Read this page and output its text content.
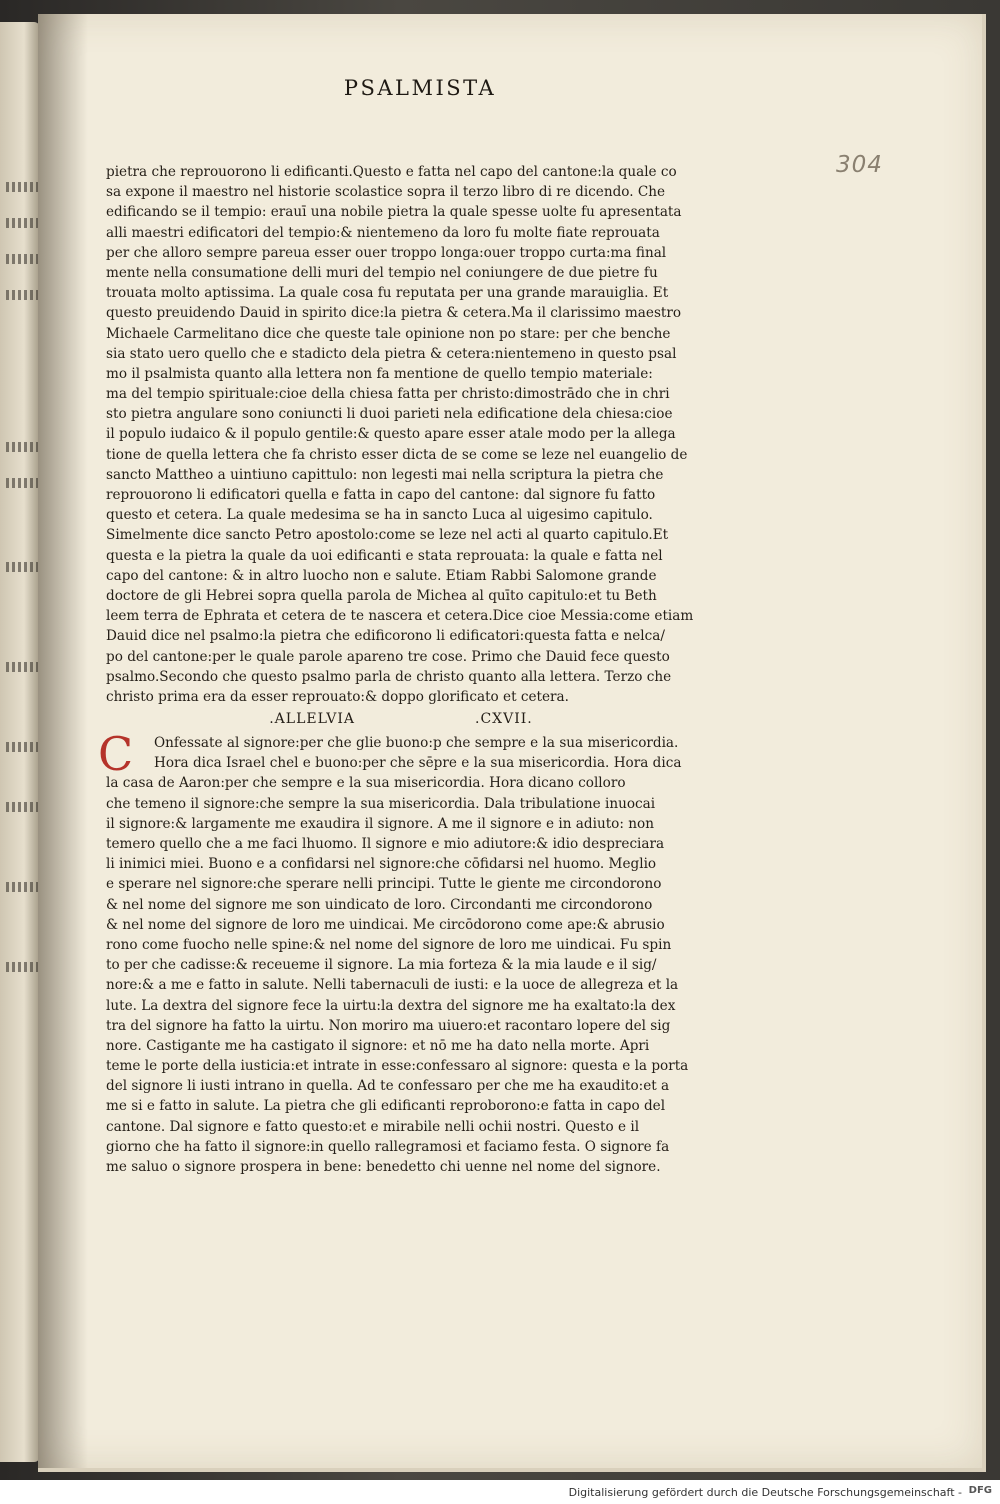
PSALMISTA
304
pietra che reprouorono li edificanti.Questo e fatta nel capo del cantone:la quale co
sa expone il maestro nel historie scolastice sopra il terzo libro di re dicendo. Che
edificando se il tempio: erauī una nobile pietra la quale spesse uolte fu apresentata
alli maestri edificatori del tempio:& nientemeno da loro fu molte fiate reprouata
per che alloro sempre pareua esser ouer troppo longa:ouer troppo curta:ma final
mente nella consumatione delli muri del tempio nel coniungere de due pietre fu
trouata molto aptissima. La quale cosa fu reputata per una grande marauiglia. Et
questo preuidendo Dauid in spirito dice:la pietra & cetera.Ma il clarissimo maestro
Michaele Carmelitano dice che queste tale opinione non po stare: per che benche
sia stato uero quello che e stadicto dela pietra & cetera:nientemeno in questo psal
mo il psalmista quanto alla lettera non fa mentione de quello tempio materiale:
ma del tempio spirituale:cioe della chiesa fatta per christo:dimostrādo che in chri
sto pietra angulare sono coniuncti li duoi parieti nela edificatione dela chiesa:cioe
il populo iudaico & il populo gentile:& questo apare esser atale modo per la allega
tione de quella lettera che fa christo esser dicta de se come se leze nel euangelio de
sancto Mattheo a uintiuno capittulo: non legesti mai nella scriptura la pietra che
reprouorono li edificatori quella e fatta in capo del cantone: dal signore fu fatto
questo et cetera. La quale medesima se ha in sancto Luca al uigesimo capitulo.
Simelmente dice sancto Petro apostolo:come se leze nel acti al quarto capitulo.Et
questa e la pietra la quale da uoi edificanti e stata reprouata: la quale e fatta nel
capo del cantone: & in altro luocho non e salute. Etiam Rabbi Salomone grande
doctore de gli Hebrei sopra quella parola de Michea al quīto capitulo:et tu Beth
leem terra de Ephrata et cetera de te nascera et cetera.Dice cioe Messia:come etiam
Dauid dice nel psalmo:la pietra che edificorono li edificatori:questa fatta e nelca/
po del cantone:per le quale parole apareno tre cose. Primo che Dauid fece questo
psalmo.Secondo che questo psalmo parla de christo quanto alla lettera. Terzo che
christo prima era da esser reprouato:& doppo glorificato et cetera.
.ALLELVIA	.CXVII.
C	Onfessate al signore:per che glie buono:p che sempre e la sua misericordia.
Hora dica Israel chel e buono:per che sēpre e la sua misericordia. Hora dica
la casa de Aaron:per che sempre e la sua misericordia. Hora dicano colloro
che temeno il signore:che sempre la sua misericordia. Dala tribulatione inuocai
il signore:& largamente me exaudira il signore. A me il signore e in adiuto: non
temero quello che a me faci lhuomo. Il signore e mio adiutore:& idio despreciara
li inimici miei. Buono e a confidarsi nel signore:che cōfidarsi nel huomo. Meglio
e sperare nel signore:che sperare nelli principi. Tutte le giente me circondorono
& nel nome del signore me son uindicato de loro. Circondanti me circondorono
& nel nome del signore de loro me uindicai. Me circōdorono come ape:& abrusio
rono come fuocho nelle spine:& nel nome del signore de loro me uindicai. Fu spin
to per che cadisse:& receueme il signore. La mia forteza & la mia laude e il sig/
nore:& a me e fatto in salute. Nelli tabernaculi de iusti: e la uoce de allegreza et la
lute. La dextra del signore fece la uirtu:la dextra del signore me ha exaltato:la dex
tra del signore ha fatto la uirtu. Non moriro ma uiuero:et racontaro lopere del sig
nore. Castigante me ha castigato il signore: et nō me ha dato nella morte. Apri
teme le porte della iusticia:et intrate in esse:confessaro al signore: questa e la porta
del signore li iusti intrano in quella. Ad te confessaro per che me ha exaudito:et a
me si e fatto in salute. La pietra che gli edificanti reproborono:e fatta in capo del
cantone. Dal signore e fatto questo:et e mirabile nelli ochii nostri. Questo e il
giorno che ha fatto il signore:in quello rallegramosi et faciamo festa. O signore fa
me saluo o signore prospera in bene: benedetto chi uenne nel nome del signore.
Digitalisierung gefördert durch die Deutsche Forschungsgemeinschaft - DFG
